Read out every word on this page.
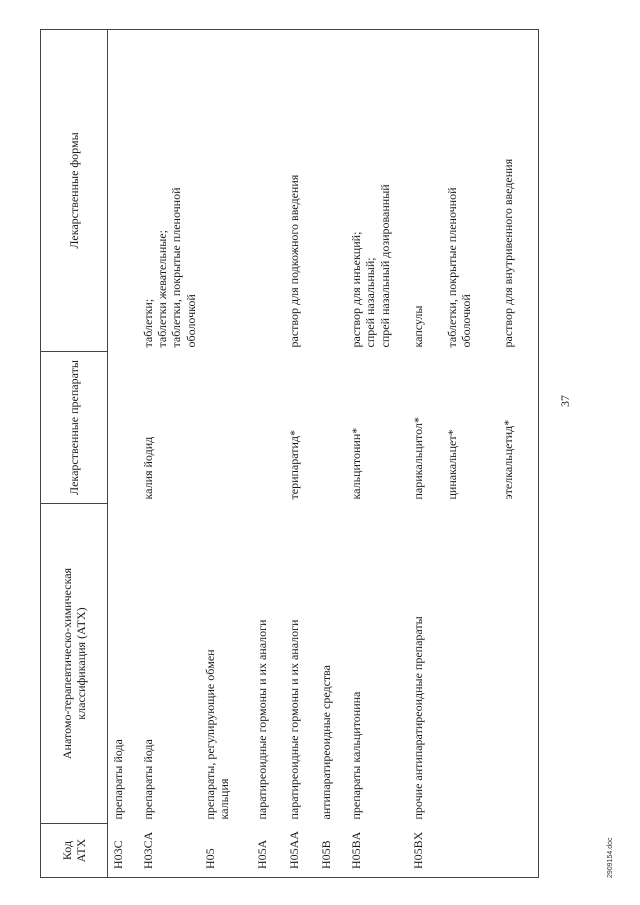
Код АТХ	Анатомо-терапевтическо-химическая классификация (АТХ)	Лекарственные препараты	Лекарственные формы
H03C	препараты йода		

H03CA	препараты йода	калия йодид	таблетки; таблетки жевательные; таблетки, покрытые пленочной оболочкой

H05	препараты, регулирующие обмен кальция		

H05A	паратиреоидные гормоны и их аналоги		

H05AA	паратиреоидные гормоны и их аналоги	терипаратид*	раствор для подкожного введения

H05B	антипаратиреоидные средства		

H05BA	препараты кальцитонина	кальцитонин*	раствор для инъекций; спрей назальный; спрей назальный дозированный

H05BX	прочие антипаратиреоидные препараты	парикальцитол*	капсулы

		цинакальцет*	таблетки, покрытые пленочной оболочкой

		этелкальцетид*	раствор для внутривенного введения
37
2909154.doc
